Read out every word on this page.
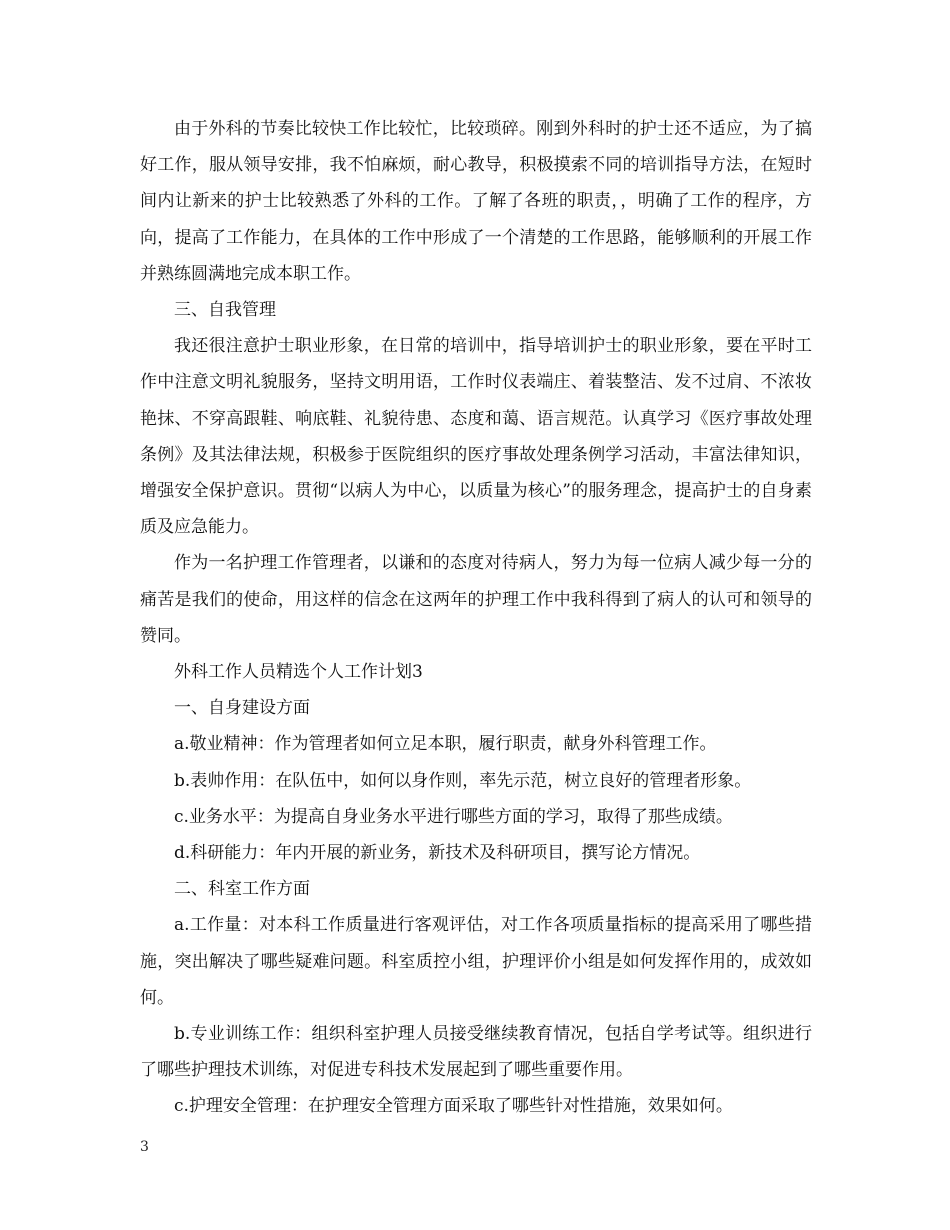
由于外科的节奏比较快工作比较忙，比较琐碎。刚到外科时的护士还不适应，为了搞好工作，服从领导安排，我不怕麻烦，耐心教导，积极摸索不同的培训指导方法，在短时间内让新来的护士比较熟悉了外科的工作。了解了各班的职责，，明确了工作的程序，方向，提高了工作能力，在具体的工作中形成了一个清楚的工作思路，能够顺利的开展工作并熟练圆满地完成本职工作。

三、自我管理

我还很注意护士职业形象，在日常的培训中，指导培训护士的职业形象，要在平时工作中注意文明礼貌服务，坚持文明用语，工作时仪表端庄、着装整洁、发不过肩、不浓妆艳抹、不穿高跟鞋、响底鞋、礼貌待患、态度和蔼、语言规范。认真学习《医疗事故处理条例》及其法律法规，积极参于医院组织的医疗事故处理条例学习活动，丰富法律知识，增强安全保护意识。贯彻“以病人为中心，以质量为核心”的服务理念，提高护士的自身素质及应急能力。

作为一名护理工作管理者，以谦和的态度对待病人，努力为每一位病人减少每一分的痛苦是我们的使命，用这样的信念在这两年的护理工作中我科得到了病人的认可和领导的赞同。

外科工作人员精选个人工作计划3

一、自身建设方面

a.敬业精神：作为管理者如何立足本职，履行职责，献身外科管理工作。

b.表帅作用：在队伍中，如何以身作则，率先示范，树立良好的管理者形象。

c.业务水平：为提高自身业务水平进行哪些方面的学习，取得了那些成绩。

d.科研能力：年内开展的新业务，新技术及科研项目，撰写论方情况。

二、科室工作方面

a.工作量：对本科工作质量进行客观评估，对工作各项质量指标的提高采用了哪些措施，突出解决了哪些疑难问题。科室质控小组，护理评价小组是如何发挥作用的，成效如何。

b.专业训练工作：组织科室护理人员接受继续教育情况，包括自学考试等。组织进行了哪些护理技术训练，对促进专科技术发展起到了哪些重要作用。

c.护理安全管理：在护理安全管理方面采取了哪些针对性措施，效果如何。

3
